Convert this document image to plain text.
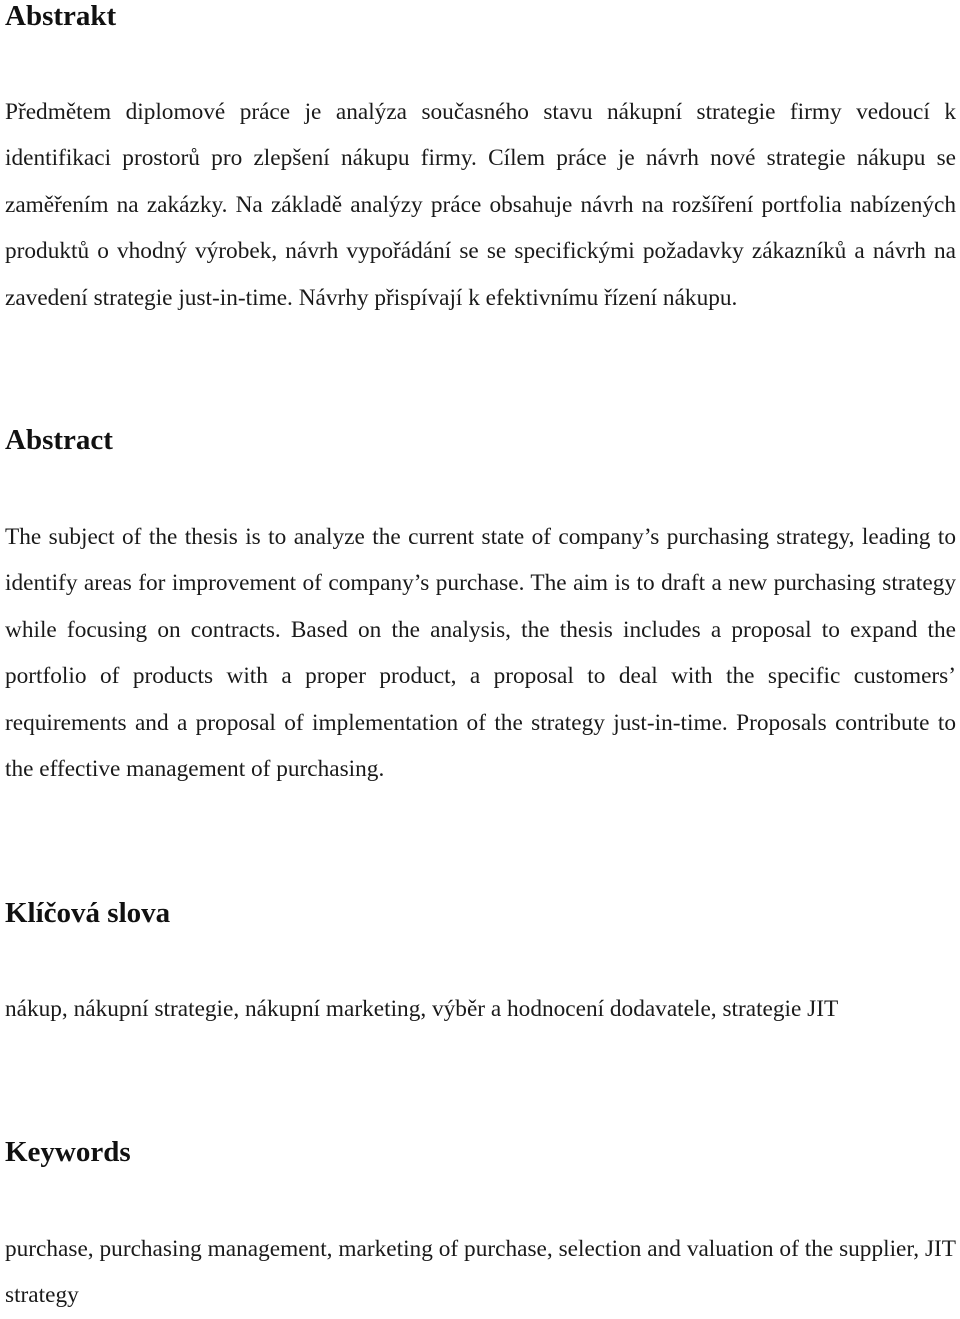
Abstrakt

Předmětem diplomové práce je analýza současného stavu nákupní strategie firmy vedoucí k identifikaci prostorů pro zlepšení nákupu firmy. Cílem práce je návrh nové strategie nákupu se zaměřením na zakázky. Na základě analýzy práce obsahuje návrh na rozšíření portfolia nabízených produktů o vhodný výrobek, návrh vypořádání se se specifickými požadavky zákazníků a návrh na zavedení strategie just-in-time. Návrhy přispívají k efektivnímu řízení nákupu.

Abstract

The subject of the thesis is to analyze the current state of company’s purchasing strategy, leading to identify areas for improvement of company’s purchase. The aim is to draft a new purchasing strategy while focusing on contracts. Based on the analysis, the thesis includes a proposal to expand the portfolio of products with a proper product, a proposal to deal with the specific customers’ requirements and a proposal of implementation of the strategy just-in-time. Proposals contribute to the effective management of purchasing.

Klíčová slova

nákup, nákupní strategie, nákupní marketing, výběr a hodnocení dodavatele, strategie JIT

Keywords

purchase, purchasing management, marketing of purchase, selection and valuation of the supplier, JIT strategy
